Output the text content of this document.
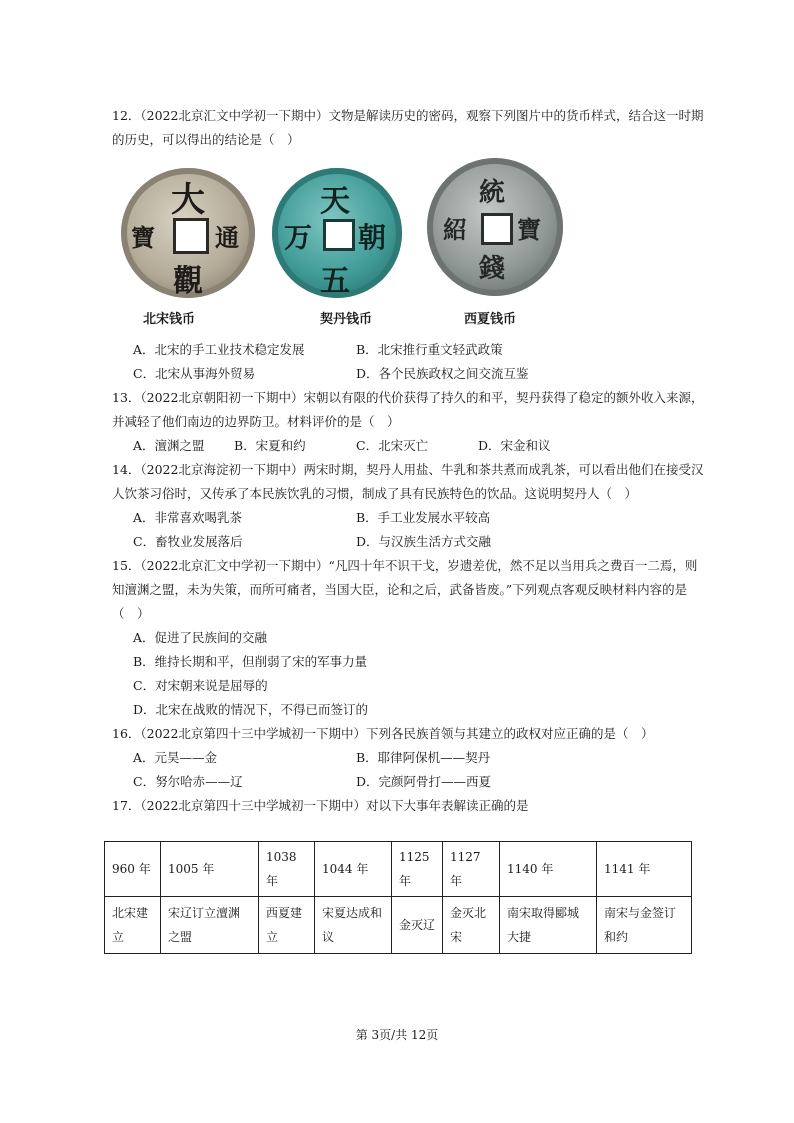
12．（2022北京汇文中学初一下期中）文物是解读历史的密码，观察下列图片中的货币样式，结合这一时期
的历史，可以得出的结论是（　）
大
觀
寶	通
北宋钱币
天
五
万 朝
契丹钱币
統
錢
紹 寶
西夏钱币
A．北宋的手工业技术稳定发展	B．北宋推行重文轻武政策
C．北宋从事海外贸易	D．各个民族政权之间交流互鉴
13．（2022北京朝阳初一下期中）宋朝以有限的代价获得了持久的和平，契丹获得了稳定的额外收入来源，
并减轻了他们南边的边界防卫。材料评价的是（　）
A．澶渊之盟 B．宋夏和约	C．北宋灭亡	D．宋金和议
14．（2022北京海淀初一下期中）两宋时期，契丹人用盐、牛乳和茶共煮而成乳茶，可以看出他们在接受汉
人饮茶习俗时，又传承了本民族饮乳的习惯，制成了具有民族特色的饮品。这说明契丹人（　）
A．非常喜欢喝乳茶	B．手工业发展水平较高
C．畜牧业发展落后	D．与汉族生活方式交融
15．（2022北京汇文中学初一下期中）“凡四十年不识干戈，岁遗差优，然不足以当用兵之费百一二焉，则
知澶渊之盟，未为失策，而所可痛者，当国大臣，论和之后，武备皆废。”下列观点客观反映材料内容的是
（　）
A．促进了民族间的交融
B．维持长期和平，但削弱了宋的军事力量
C．对宋朝来说是屈辱的
D．北宋在战败的情况下，不得已而签订的
16．（2022北京第四十三中学城初一下期中）下列各民族首领与其建立的政权对应正确的是（　）
A．元昊——金	B．耶律阿保机——契丹
C．努尔哈赤——辽	D．完颜阿骨打——西夏
17．（2022北京第四十三中学城初一下期中）对以下大事年表解读正确的是
960 年	1005 年	1038 年	1044 年	1125 年	1127 年	1140 年	1141 年
北宋建立	宋辽订立澶渊之盟	西夏建立	宋夏达成和议	金灭辽	金灭北宋	南宋取得郾城大捷	南宋与金签订和约
第 3页/共 12页
